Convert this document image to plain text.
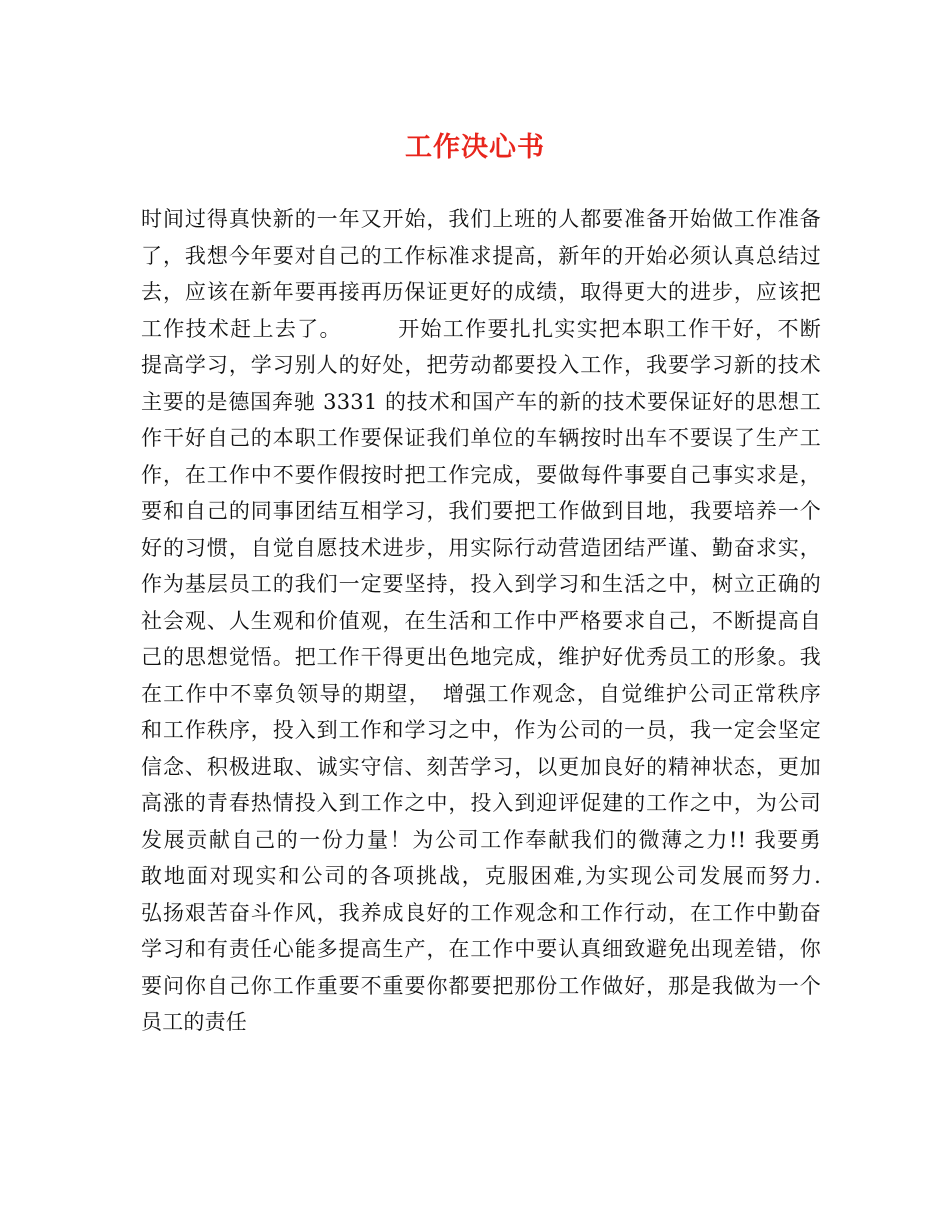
工作决心书
时间过得真快新的一年又开始，我们上班的人都要准备开始做工作准备
了，我想今年要对自己的工作标准求提高，新年的开始必须认真总结过
去，应该在新年要再接再历保证更好的成绩，取得更大的进步，应该把
工作技术赶上去了。　　　开始工作要扎扎实实把本职工作干好，不断
提高学习，学习别人的好处，把劳动都要投入工作，我要学习新的技术
主要的是德国奔驰 3331 的技术和国产车的新的技术要保证好的思想工
作干好自己的本职工作要保证我们单位的车辆按时出车不要误了生产工
作，在工作中不要作假按时把工作完成，要做每件事要自己事实求是，
要和自己的同事团结互相学习，我们要把工作做到目地，我要培养一个
好的习惯，自觉自愿技术进步，用实际行动营造团结严谨、勤奋求实，
作为基层员工的我们一定要坚持，投入到学习和生活之中，树立正确的
社会观、人生观和价值观，在生活和工作中严格要求自己，不断提高自
己的思想觉悟。把工作干得更出色地完成，维护好优秀员工的形象。我
在工作中不辜负领导的期望，　增强工作观念，自觉维护公司正常秩序
和工作秩序，投入到工作和学习之中，作为公司的一员，我一定会坚定
信念、积极进取、诚实守信、刻苦学习，以更加良好的精神状态，更加
高涨的青春热情投入到工作之中，投入到迎评促建的工作之中，为公司
发展贡献自己的一份力量！为公司工作奉献我们的微薄之力!! 我要勇
敢地面对现实和公司的各项挑战，克服困难,为实现公司发展而努力.
弘扬艰苦奋斗作风，我养成良好的工作观念和工作行动，在工作中勤奋
学习和有责任心能多提高生产，在工作中要认真细致避免出现差错，你
要问你自己你工作重要不重要你都要把那份工作做好，那是我做为一个
员工的责任
